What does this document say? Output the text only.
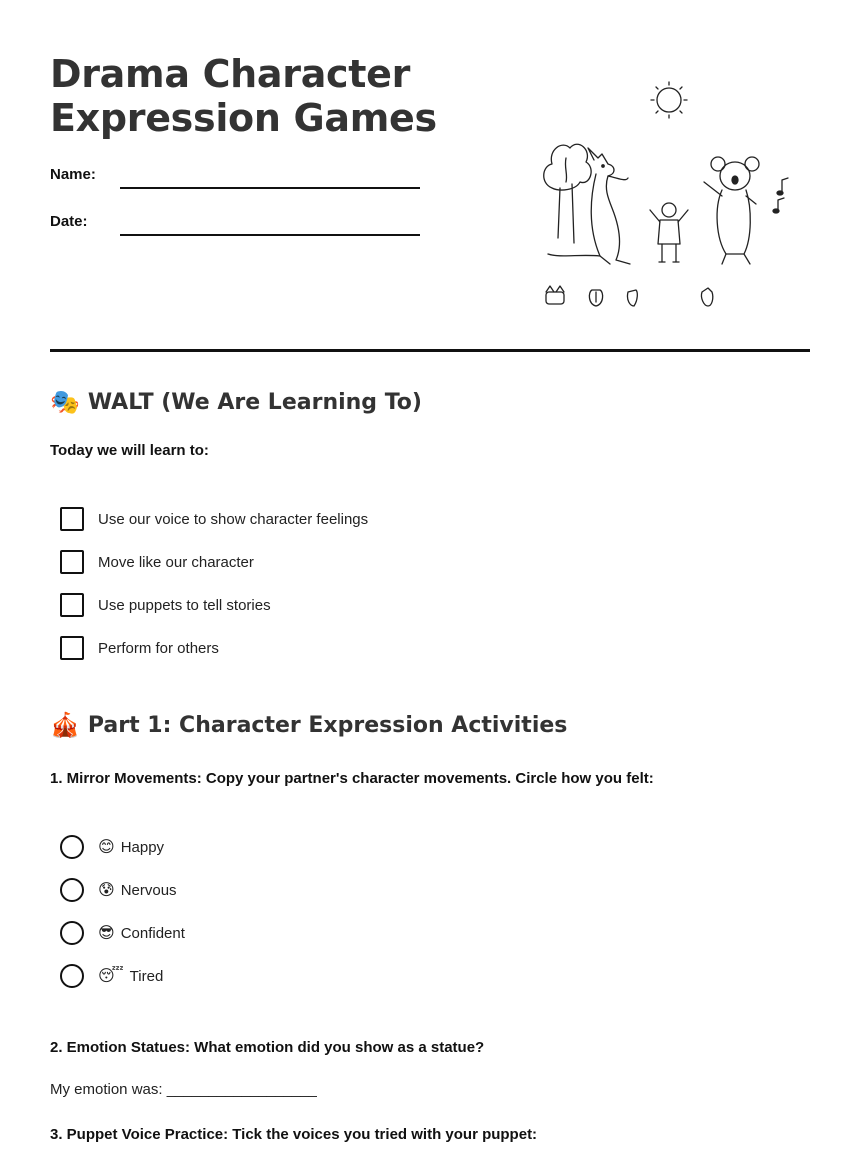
Drama Character
Expression Games
Name:
Date:
🎭 WALT (We Are Learning To)
Today we will learn to:
Use our voice to show character feelings
Move like our character
Use puppets to tell stories
Perform for others
🎪 Part 1: Character Expression Activities
1. Mirror Movements: Copy your partner's character movements. Circle how you felt:
😊 Happy
😰 Nervous
😎 Confident
😴 Tired
2. Emotion Statues: What emotion did you show as a statue?
My emotion was: __________________
3. Puppet Voice Practice: Tick the voices you tried with your puppet:
